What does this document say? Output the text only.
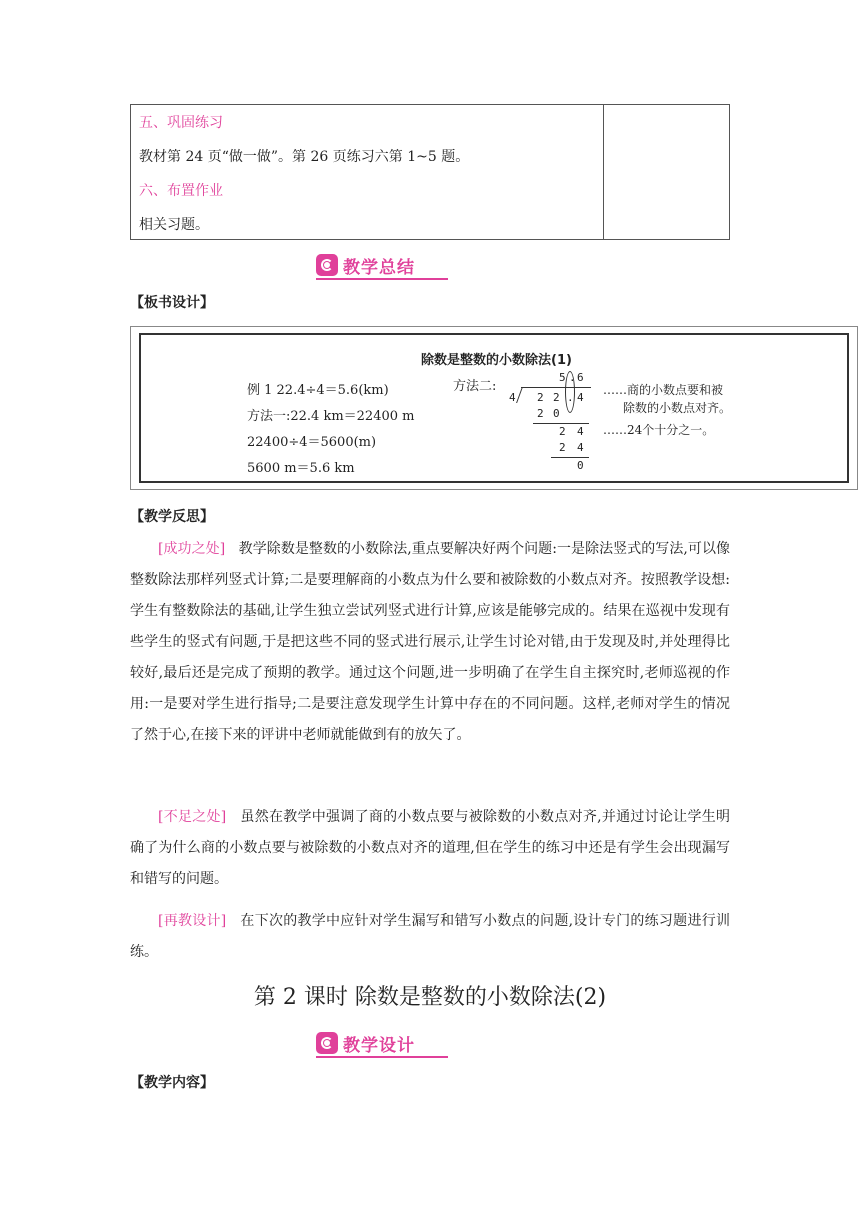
五、巩固练习
教材第 24 页“做一做”。第 26 页练习六第 1~5 题。
六、布置作业
相关习题。
教学总结
【板书设计】
除数是整数的小数除法(1)
例 1 22.4÷4＝5.6(km)
方法一:22.4 km＝22400 m
22400÷4＝5600(m)
5600 m＝5.6 km
方法二:
5 . 6
4 2 2 . 4
2 0
2 4
2 4
0
……商的小数点要和被
除数的小数点对齐。
……24个十分之一。
【教学反思】
[成功之处] 教学除数是整数的小数除法,重点要解决好两个问题:一是除法竖式的写法,可以像整数除法那样列竖式计算;二是要理解商的小数点为什么要和被除数的小数点对齐。按照教学设想:学生有整数除法的基础,让学生独立尝试列竖式进行计算,应该是能够完成的。结果在巡视中发现有些学生的竖式有问题,于是把这些不同的竖式进行展示,让学生讨论对错,由于发现及时,并处理得比较好,最后还是完成了预期的教学。通过这个问题,进一步明确了在学生自主探究时,老师巡视的作用:一是要对学生进行指导;二是要注意发现学生计算中存在的不同问题。这样,老师对学生的情况了然于心,在接下来的评讲中老师就能做到有的放矢了。
[不足之处] 虽然在教学中强调了商的小数点要与被除数的小数点对齐,并通过讨论让学生明确了为什么商的小数点要与被除数的小数点对齐的道理,但在学生的练习中还是有学生会出现漏写和错写的问题。
[再教设计] 在下次的教学中应针对学生漏写和错写小数点的问题,设计专门的练习题进行训练。
第 2 课时 除数是整数的小数除法(2)
教学设计
【教学内容】
